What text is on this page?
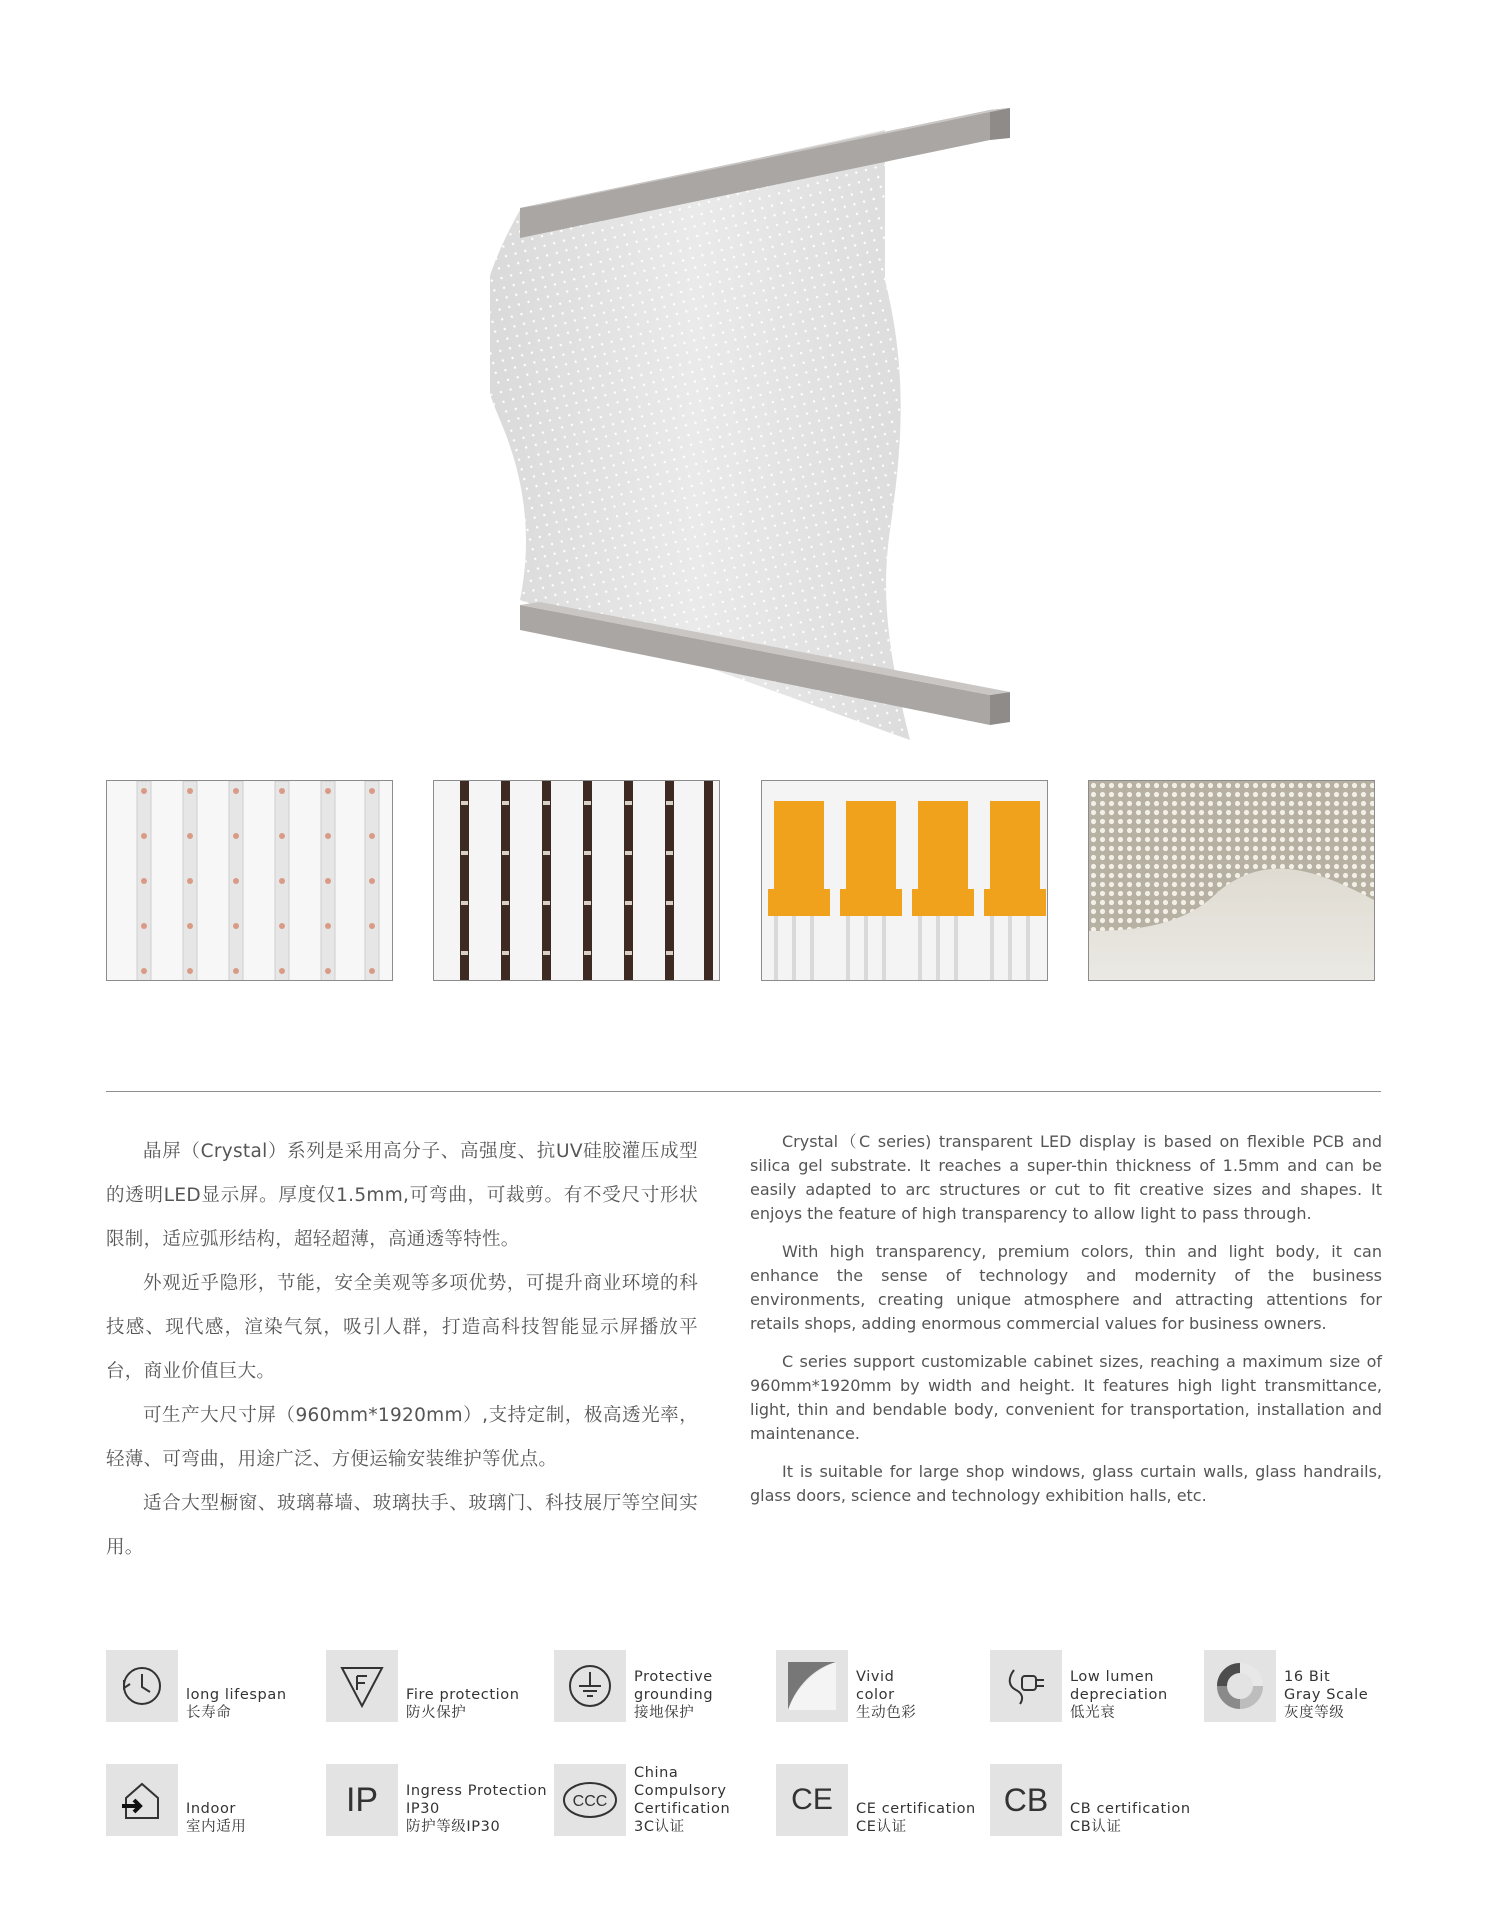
晶屏（Crystal）系列是采用高分子、高强度、抗UV硅胶灌压成型的透明LED显示屏。厚度仅1.5mm,可弯曲，可裁剪。有不受尺寸形状限制，适应弧形结构，超轻超薄，高通透等特性。

外观近乎隐形，节能，安全美观等多项优势，可提升商业环境的科技感、现代感，渲染气氛，吸引人群，打造高科技智能显示屏播放平台，商业价值巨大。

可生产大尺寸屏（960mm*1920mm）,支持定制，极高透光率，轻薄、可弯曲，用途广泛、方便运输安装维护等优点。

适合大型橱窗、玻璃幕墙、玻璃扶手、玻璃门、科技展厅等空间实用。

Crystal（C series) transparent LED display is based on flexible PCB and silica gel substrate. It reaches a super-thin thickness of 1.5mm and can be easily adapted to arc structures or cut to fit creative sizes and shapes. It enjoys the feature of high transparency to allow light to pass through.

With high transparency, premium colors, thin and light body, it can enhance the sense of technology and modernity of the business environments, creating unique atmosphere and attracting attentions for retails shops, adding enormous commercial values for business owners.

C series support customizable cabinet sizes, reaching a maximum size of 960mm*1920mm by width and height. It features high light transmittance, light, thin and bendable body, convenient for transportation, installation and maintenance.

It is suitable for large shop windows, glass curtain walls, glass handrails, glass doors, science and technology exhibition halls, etc.

long lifespan
长寿命
Fire protection
防火保护
Protective
grounding
接地保护
Vivid
color
生动色彩
Low lumen
depreciation
低光衰
16 Bit
Gray Scale
灰度等级
Indoor
室内适用
IP Ingress Protection
IP30
防护等级IP30
CCC
China
Compulsory
Certification
3C认证
CE CE certification
CE认证
CB CB certification
CB认证
